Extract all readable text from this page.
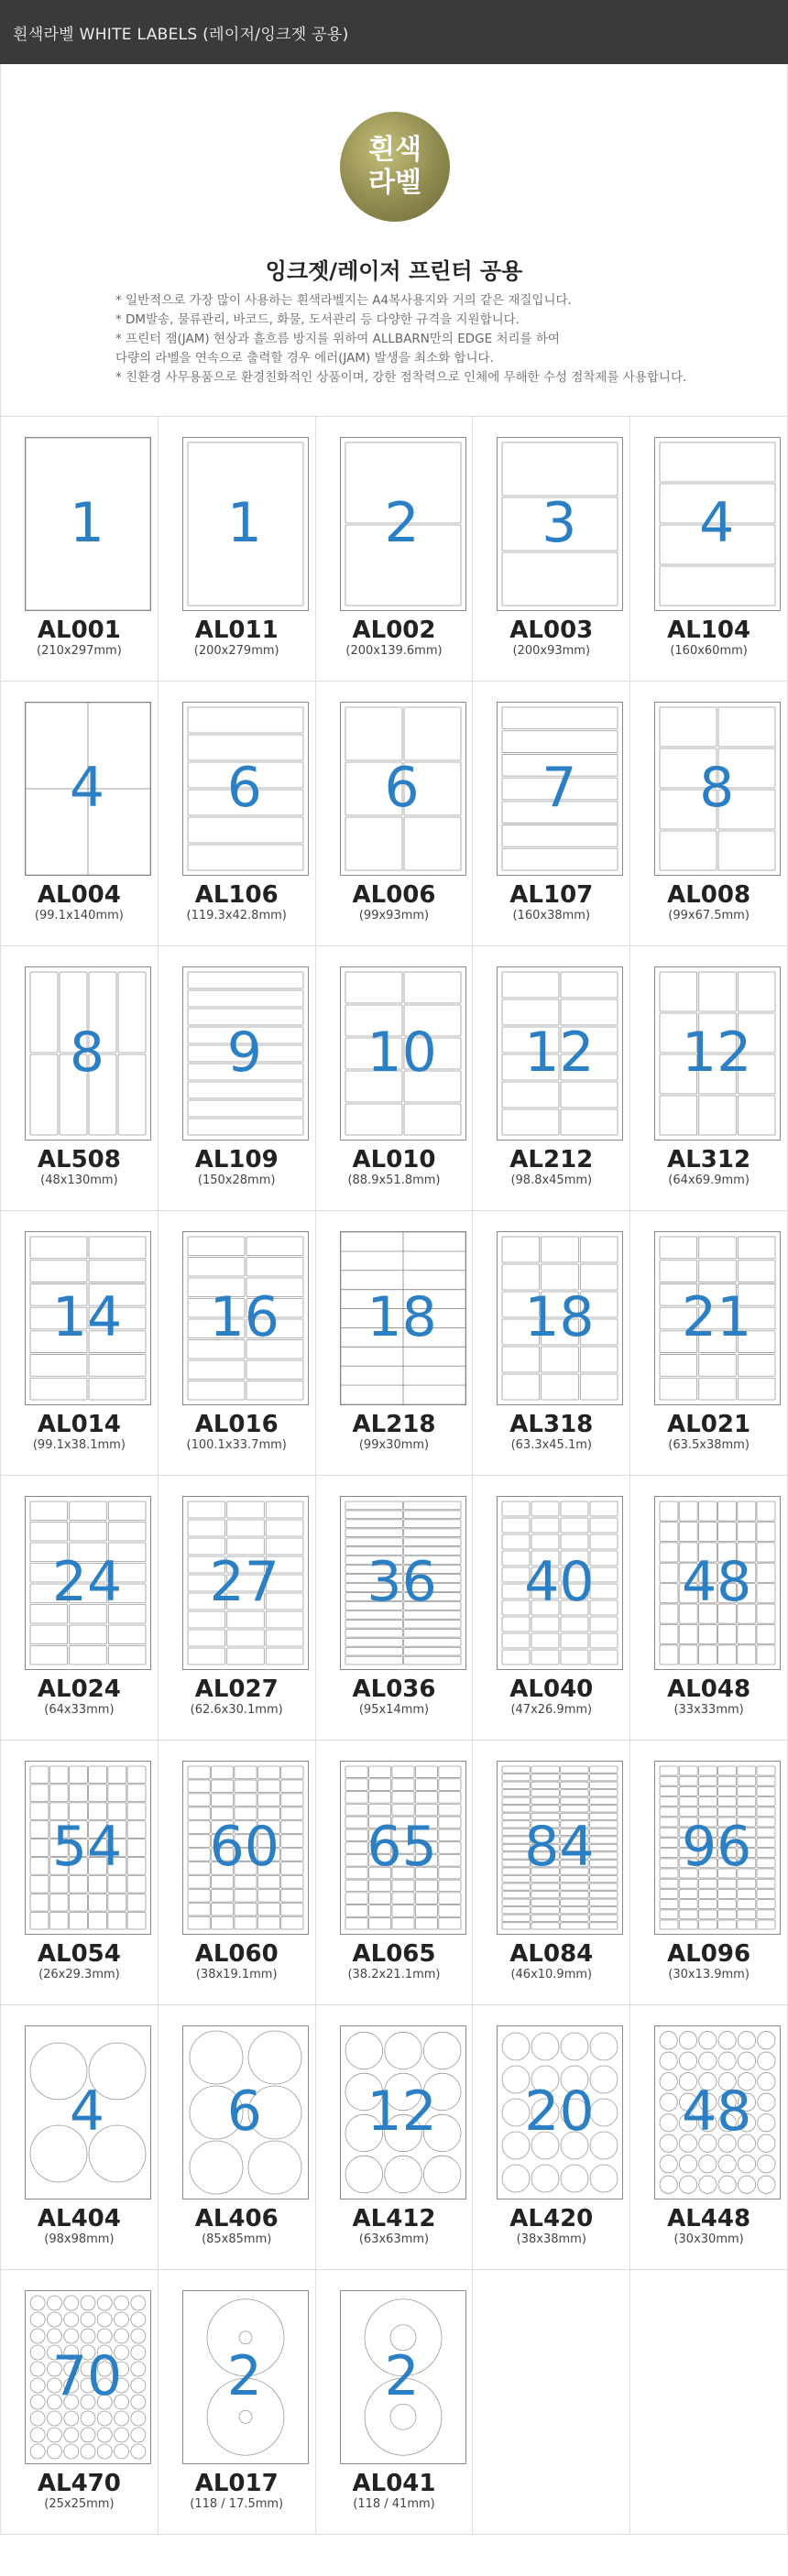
흰색라벨 WHITE LABELS (레이저/잉크젯 공용)
흰색
라벨
잉크젯/레이저 프린터 공용
* 일반적으로 가장 많이 사용하는 흰색라벨지는 A4복사용지와 거의 같은 재질입니다.
* DM발송, 물류관리, 바코드, 화물, 도서관리 등 다양한 규격을 지원합니다.
* 프린터 잼(JAM) 현상과 흘흐름 방지를 위하여 ALLBARN만의 EDGE 처리를 하여
다량의 라벨을 연속으로 출력할 경우 에러(JAM) 발생을 최소화 합니다.
* 친환경 사무용품으로 환경친화적인 상품이며, 강한 점착력으로 인체에 무해한 수성 점착제를 사용합니다.
1
AL001
(210x297mm)
1
AL011
(200x279mm)
2
AL002
(200x139.6mm)
3
AL003
(200x93mm)
4
AL104
(160x60mm)
4
AL004
(99.1x140mm)
6
AL106
(119.3x42.8mm)
6
AL006
(99x93mm)
7
AL107
(160x38mm)
8
AL008
(99x67.5mm)
8
AL508
(48x130mm)
9
AL109
(150x28mm)
10
AL010
(88.9x51.8mm)
12
AL212
(98.8x45mm)
12
AL312
(64x69.9mm)
14
AL014
(99.1x38.1mm)
16
AL016
(100.1x33.7mm)
18
AL218
(99x30mm)
18
AL318
(63.3x45.1m)
21
AL021
(63.5x38mm)
24
AL024
(64x33mm)
27
AL027
(62.6x30.1mm)
36
AL036
(95x14mm)
40
AL040
(47x26.9mm)
48
AL048
(33x33mm)
54
AL054
(26x29.3mm)
60
AL060
(38x19.1mm)
65
AL065
(38.2x21.1mm)
84
AL084
(46x10.9mm)
96
AL096
(30x13.9mm)
4
AL404
(98x98mm)
6
AL406
(85x85mm)
12
AL412
(63x63mm)
20
AL420
(38x38mm)
48
AL448
(30x30mm)
70
AL470
(25x25mm)
2
AL017
(118 / 17.5mm)
2
AL041
(118 / 41mm)
